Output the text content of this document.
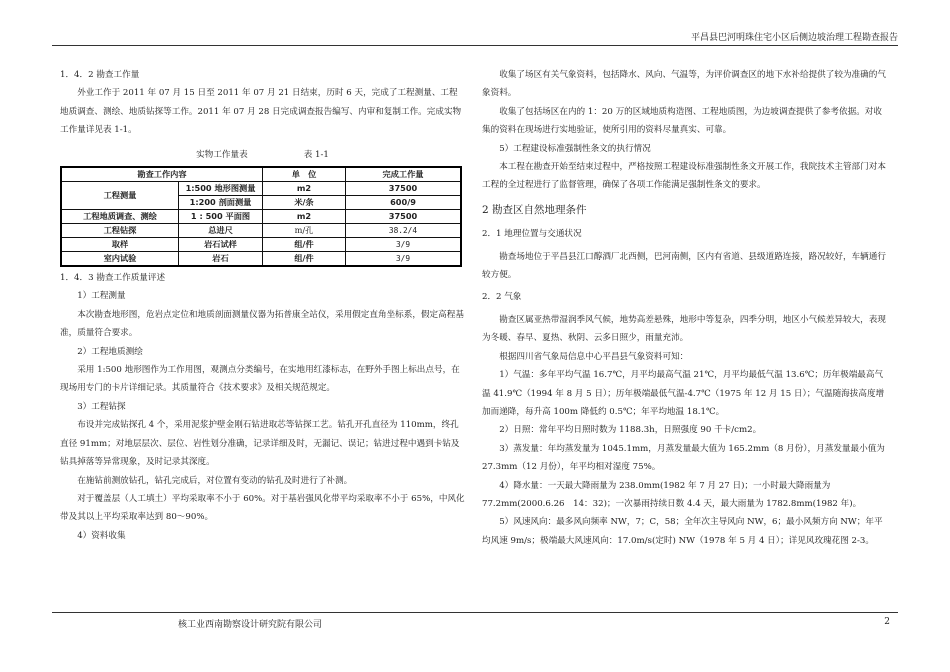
平昌县巴河明珠住宅小区后侧边坡治理工程勘查报告

1．4．2 勘查工作量

外业工作于 2011 年 07 月 15 日至 2011 年 07 月 21 日结束，历时 6 天，完成了工程测量、工程地质调查、测绘、地质钻探等工作。2011 年 07 月 28 日完成调查报告编写、内审和复制工作。完成实物工作量详见表 1-1。

实物工作量表	表 1-1

勘查工作内容		单　位	完成工作量
工程测量	1:500 地形图测量	m2	37500
	1:200 剖面测量	米/条	600/9
工程地质调查、测绘	1 : 500 平面图	m2	37500
工程钻探	总进尺	m/孔	38.2/4
取样	岩石试样	组/件	3/9
室内试验	岩石	组/件	3/9

1．4．3 勘查工作质量评述

1）工程测量

本次勘查地形图，危岩点定位和地质剖面测量仪器为拓普康全站仪，采用假定直角坐标系，假定高程基准，质量符合要求。

2）工程地质测绘

采用 1:500 地形图作为工作用图，观测点分类编号，在实地用红漆标志，在野外手图上标出点号，在现场用专门的卡片详细记录。其质量符合《技术要求》及相关规范规定。

3）工程钻探

布设并完成钻探孔 4 个，采用泥浆护壁金刚石钻进取芯等钻探工艺。钻孔开孔直径为 110mm，终孔直径 91mm；对地层层次、层位、岩性划分准确，记录详细及时，无漏记、误记；钻进过程中遇到卡钻及钻具掉落等异常现象，及时记录其深度。

在施钻前测放钻孔，钻孔完成后，对位置有变动的钻孔及时进行了补测。

对于覆盖层（人工填土）平均采取率不小于 60%。对于基岩强风化带平均采取率不小于 65%，中风化带及其以上平均采取率达到 80～90%。

4）资料收集

收集了场区有关气象资料，包括降水、风向、气温等，为评价调查区的地下水补给提供了较为准确的气象资料。

收集了包括场区在内的 1：20 万的区域地质构造图、工程地质图，为边坡调查提供了参考依据。对收集的资料在现场进行实地验证，使所引用的资料尽量真实、可靠。

5）工程建设标准强制性条文的执行情况

本工程在勘查开始至结束过程中，严格按照工程建设标准强制性条文开展工作，我院技术主管部门对本工程的全过程进行了监督管理，确保了各项工作能满足强制性条文的要求。

2 勘查区自然地理条件

2．1 地理位置与交通状况

勘查场地位于平昌县江口醇酒厂北西侧，巴河南侧，区内有省道、县级道路连接，路况较好，车辆通行较方便。

2．2 气象

勘查区属亚热带湿润季风气候，地势高差悬殊，地形中等复杂，四季分明，地区小气候差异较大，表现为冬暖、春早、夏热、秋阴、云多日照少，雨量充沛。

根据四川省气象局信息中心平昌县气象资料可知：

1）气温：多年平均气温 16.7℃，月平均最高气温 21℃，月平均最低气温 13.6℃；历年极端最高气温 41.9℃（1994 年 8 月 5 日）；历年极端最低气温-4.7℃（1975 年 12 月 15 日）；气温随海拔高度增加而递降，每升高 100m 降低约 0.5℃；年平均地温 18.1℃。

2）日照：常年平均日照时数为 1188.3h，日照强度 90 千卡/cm2。

3）蒸发量：年均蒸发量为 1045.1mm，月蒸发量最大值为 165.2mm（8 月份），月蒸发量最小值为 27.3mm（12 月份），年平均相对湿度 75%。

4）降水量：一天最大降雨量为 238.0mm(1982 年 7 月 27 日)；一小时最大降雨量为 77.2mm(2000.6.26　14：32)；一次暴雨持续日数 4.4 天，最大雨量为 1782.8mm(1982 年)。

5）风速风向：最多风向频率 NW，7；C，58；全年次主导风向 NW，6；最小风频方向 NW；年平均风速 9m/s；极端最大风速风向：17.0m/s(定时) NW（1978 年 5 月 4 日）；详见风玫瑰花图 2-3。

核工业西南勘察设计研究院有限公司	2
